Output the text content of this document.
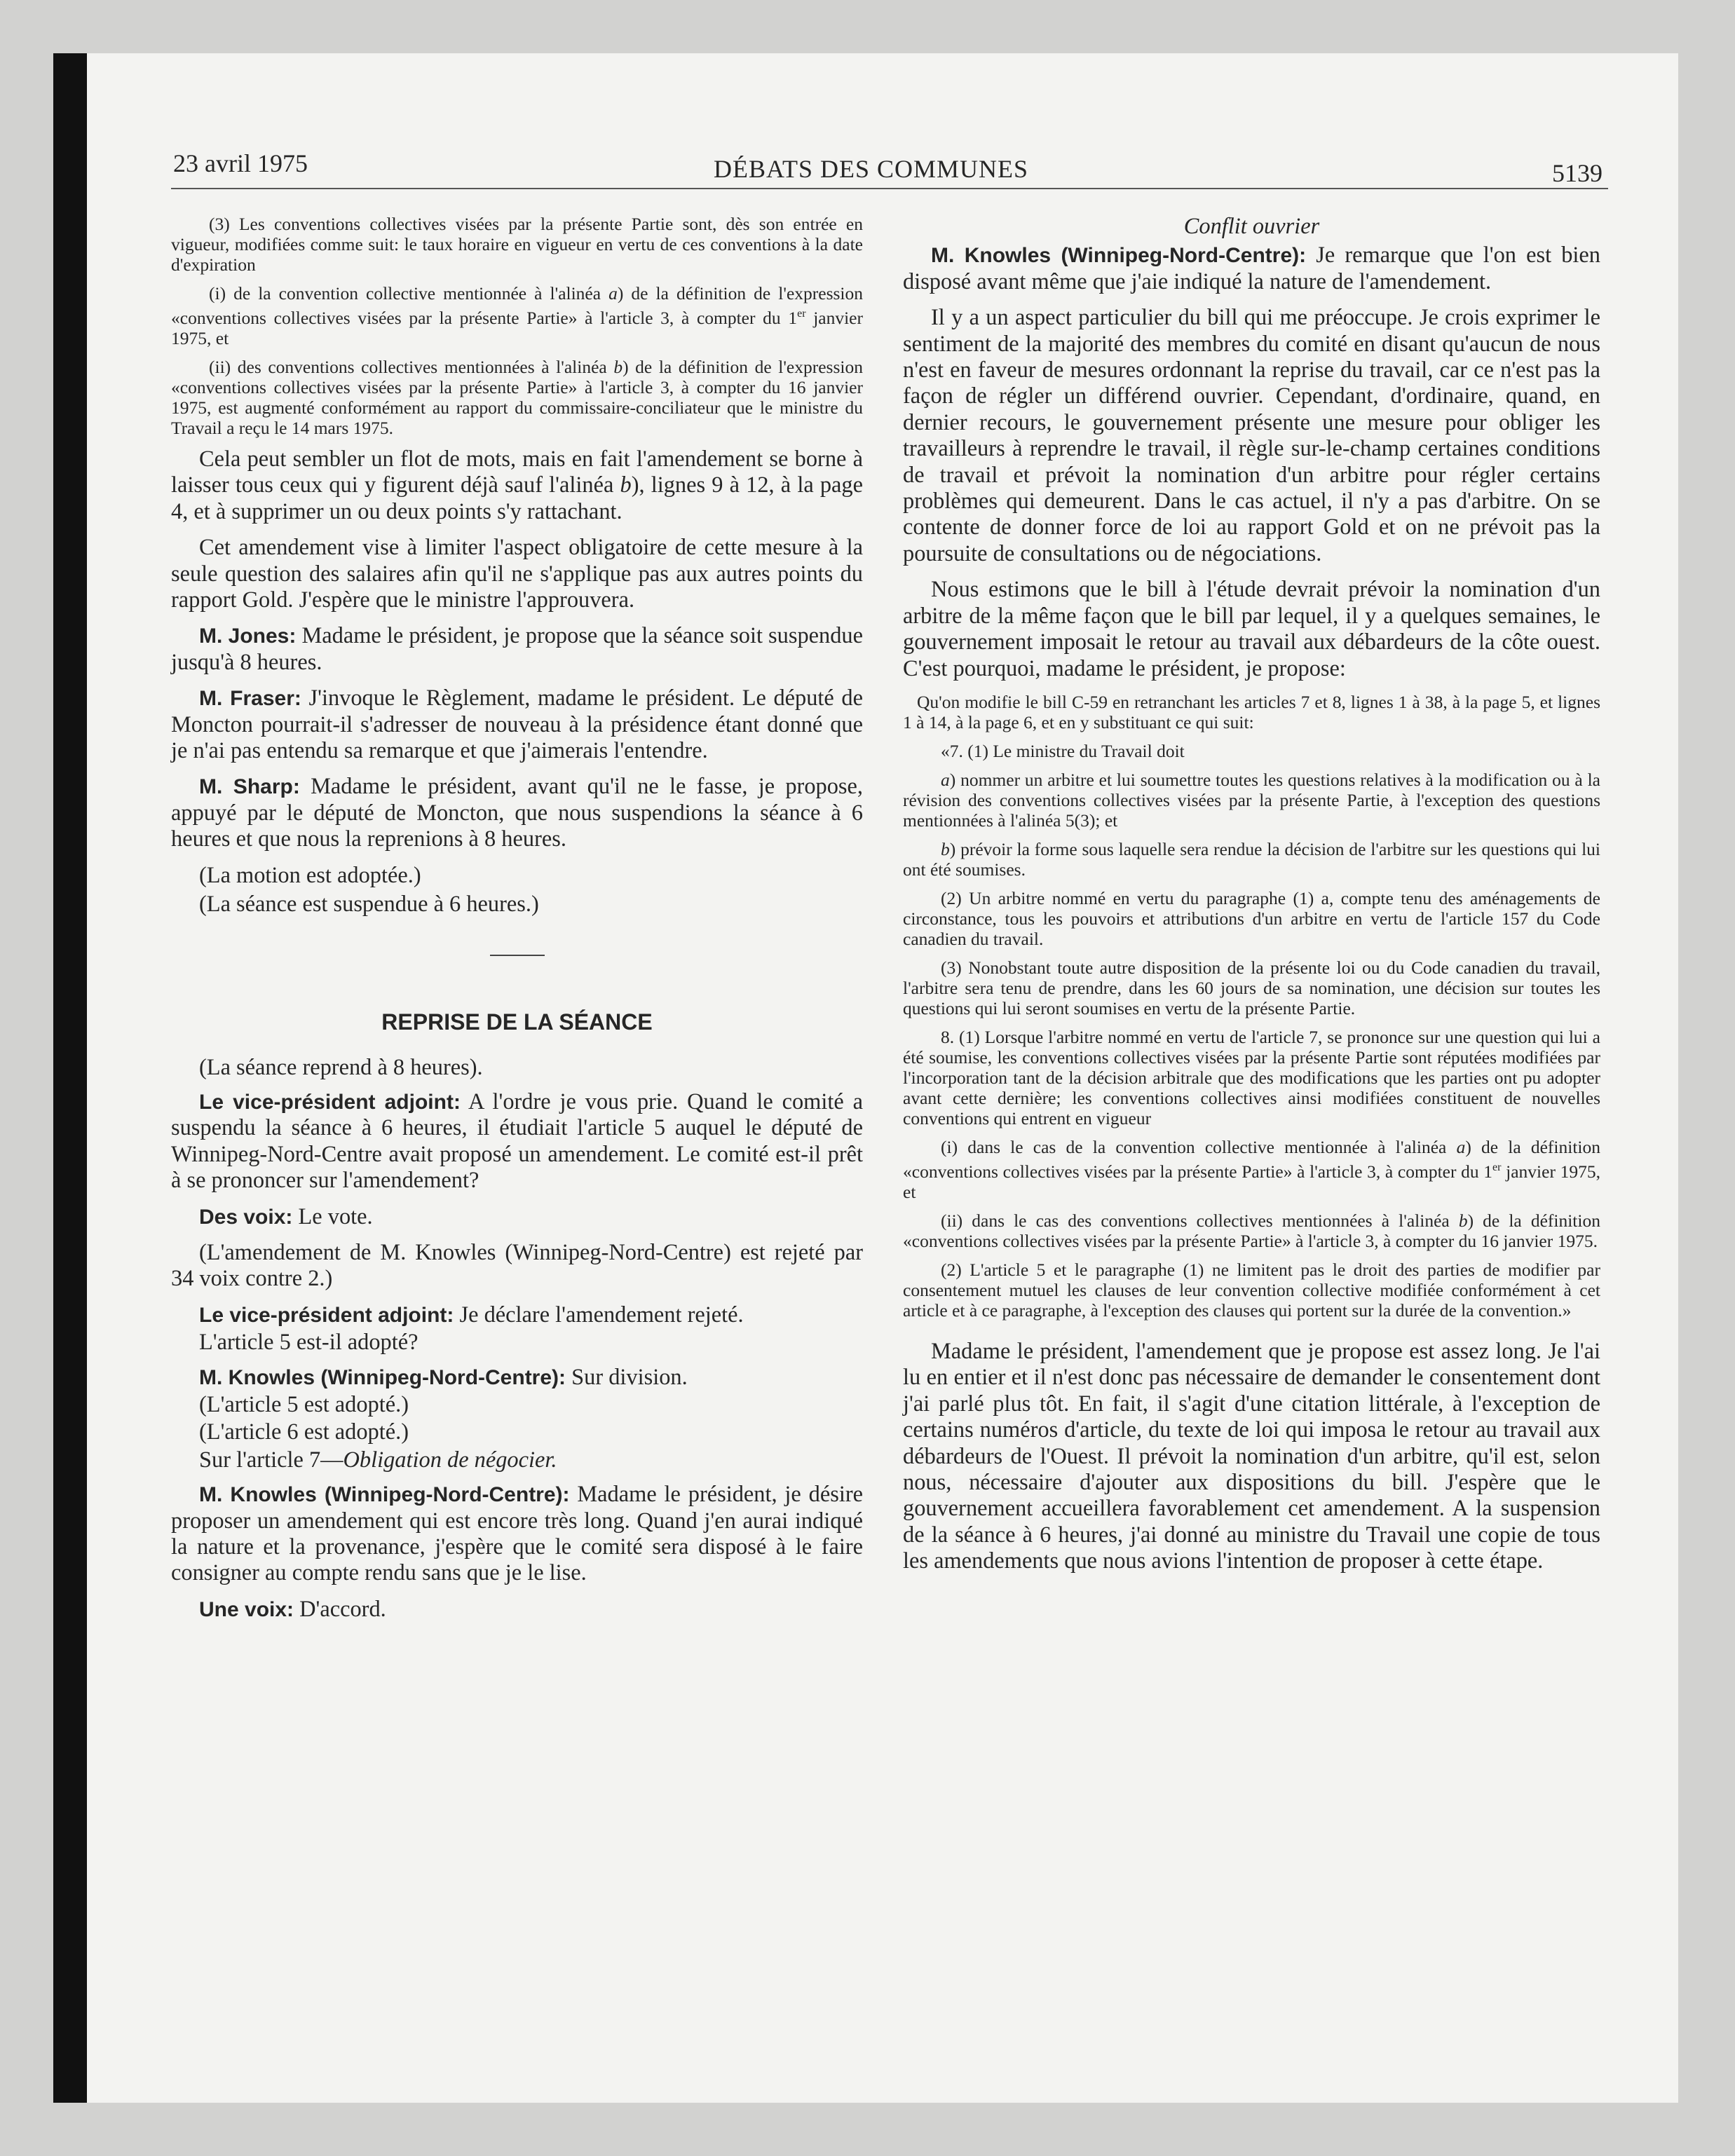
23 avril 1975	DÉBATS DES COMMUNES	5139

(3) Les conventions collectives visées par la présente Partie sont, dès son entrée en vigueur, modifiées comme suit: le taux horaire en vigueur en vertu de ces conventions à la date d'expiration

(i) de la convention collective mentionnée à l'alinéa a) de la définition de l'expression «conventions collectives visées par la présente Partie» à l'article 3, à compter du 1er janvier 1975, et

(ii) des conventions collectives mentionnées à l'alinéa b) de la définition de l'expression «conventions collectives visées par la présente Partie» à l'article 3, à compter du 16 janvier 1975, est augmenté conformément au rapport du commissaire-conciliateur que le ministre du Travail a reçu le 14 mars 1975.

Cela peut sembler un flot de mots, mais en fait l'amendement se borne à laisser tous ceux qui y figurent déjà sauf l'alinéa b), lignes 9 à 12, à la page 4, et à supprimer un ou deux points s'y rattachant.

Cet amendement vise à limiter l'aspect obligatoire de cette mesure à la seule question des salaires afin qu'il ne s'applique pas aux autres points du rapport Gold. J'espère que le ministre l'approuvera.

M. Jones: Madame le président, je propose que la séance soit suspendue jusqu'à 8 heures.

M. Fraser: J'invoque le Règlement, madame le président. Le député de Moncton pourrait-il s'adresser de nouveau à la présidence étant donné que je n'ai pas entendu sa remarque et que j'aimerais l'entendre.

M. Sharp: Madame le président, avant qu'il ne le fasse, je propose, appuyé par le député de Moncton, que nous suspendions la séance à 6 heures et que nous la reprenions à 8 heures.

(La motion est adoptée.)

(La séance est suspendue à 6 heures.)

REPRISE DE LA SÉANCE

(La séance reprend à 8 heures).

Le vice-président adjoint: A l'ordre je vous prie. Quand le comité a suspendu la séance à 6 heures, il étudiait l'article 5 auquel le député de Winnipeg-Nord-Centre avait proposé un amendement. Le comité est-il prêt à se prononcer sur l'amendement?

Des voix: Le vote.

(L'amendement de M. Knowles (Winnipeg-Nord-Centre) est rejeté par 34 voix contre 2.)

Le vice-président adjoint: Je déclare l'amendement rejeté.

L'article 5 est-il adopté?

M. Knowles (Winnipeg-Nord-Centre): Sur division.

(L'article 5 est adopté.)

(L'article 6 est adopté.)

Sur l'article 7—Obligation de négocier.

M. Knowles (Winnipeg-Nord-Centre): Madame le président, je désire proposer un amendement qui est encore très long. Quand j'en aurai indiqué la nature et la provenance, j'espère que le comité sera disposé à le faire consigner au compte rendu sans que je le lise.

Une voix: D'accord.

Conflit ouvrier

M. Knowles (Winnipeg-Nord-Centre): Je remarque que l'on est bien disposé avant même que j'aie indiqué la nature de l'amendement.

Il y a un aspect particulier du bill qui me préoccupe. Je crois exprimer le sentiment de la majorité des membres du comité en disant qu'aucun de nous n'est en faveur de mesures ordonnant la reprise du travail, car ce n'est pas la façon de régler un différend ouvrier. Cependant, d'ordinaire, quand, en dernier recours, le gouvernement présente une mesure pour obliger les travailleurs à reprendre le travail, il règle sur-le-champ certaines conditions de travail et prévoit la nomination d'un arbitre pour régler certains problèmes qui demeurent. Dans le cas actuel, il n'y a pas d'arbitre. On se contente de donner force de loi au rapport Gold et on ne prévoit pas la poursuite de consultations ou de négociations.

Nous estimons que le bill à l'étude devrait prévoir la nomination d'un arbitre de la même façon que le bill par lequel, il y a quelques semaines, le gouvernement imposait le retour au travail aux débardeurs de la côte ouest. C'est pourquoi, madame le président, je propose:

Qu'on modifie le bill C-59 en retranchant les articles 7 et 8, lignes 1 à 38, à la page 5, et lignes 1 à 14, à la page 6, et en y substituant ce qui suit:

«7. (1) Le ministre du Travail doit

a) nommer un arbitre et lui soumettre toutes les questions relatives à la modification ou à la révision des conventions collectives visées par la présente Partie, à l'exception des questions mentionnées à l'alinéa 5(3); et

b) prévoir la forme sous laquelle sera rendue la décision de l'arbitre sur les questions qui lui ont été soumises.

(2) Un arbitre nommé en vertu du paragraphe (1) a, compte tenu des aménagements de circonstance, tous les pouvoirs et attributions d'un arbitre en vertu de l'article 157 du Code canadien du travail.

(3) Nonobstant toute autre disposition de la présente loi ou du Code canadien du travail, l'arbitre sera tenu de prendre, dans les 60 jours de sa nomination, une décision sur toutes les questions qui lui seront soumises en vertu de la présente Partie.

8. (1) Lorsque l'arbitre nommé en vertu de l'article 7, se prononce sur une question qui lui a été soumise, les conventions collectives visées par la présente Partie sont réputées modifiées par l'incorporation tant de la décision arbitrale que des modifications que les parties ont pu adopter avant cette dernière; les conventions collectives ainsi modifiées constituent de nouvelles conventions qui entrent en vigueur

(i) dans le cas de la convention collective mentionnée à l'alinéa a) de la définition «conventions collectives visées par la présente Partie» à l'article 3, à compter du 1er janvier 1975, et

(ii) dans le cas des conventions collectives mentionnées à l'alinéa b) de la définition «conventions collectives visées par la présente Partie» à l'article 3, à compter du 16 janvier 1975.

(2) L'article 5 et le paragraphe (1) ne limitent pas le droit des parties de modifier par consentement mutuel les clauses de leur convention collective modifiée conformément à cet article et à ce paragraphe, à l'exception des clauses qui portent sur la durée de la convention.»

Madame le président, l'amendement que je propose est assez long. Je l'ai lu en entier et il n'est donc pas nécessaire de demander le consentement dont j'ai parlé plus tôt. En fait, il s'agit d'une citation littérale, à l'exception de certains numéros d'article, du texte de loi qui imposa le retour au travail aux débardeurs de l'Ouest. Il prévoit la nomination d'un arbitre, qu'il est, selon nous, nécessaire d'ajouter aux dispositions du bill. J'espère que le gouvernement accueillera favorablement cet amendement. A la suspension de la séance à 6 heures, j'ai donné au ministre du Travail une copie de tous les amendements que nous avions l'intention de proposer à cette étape.
